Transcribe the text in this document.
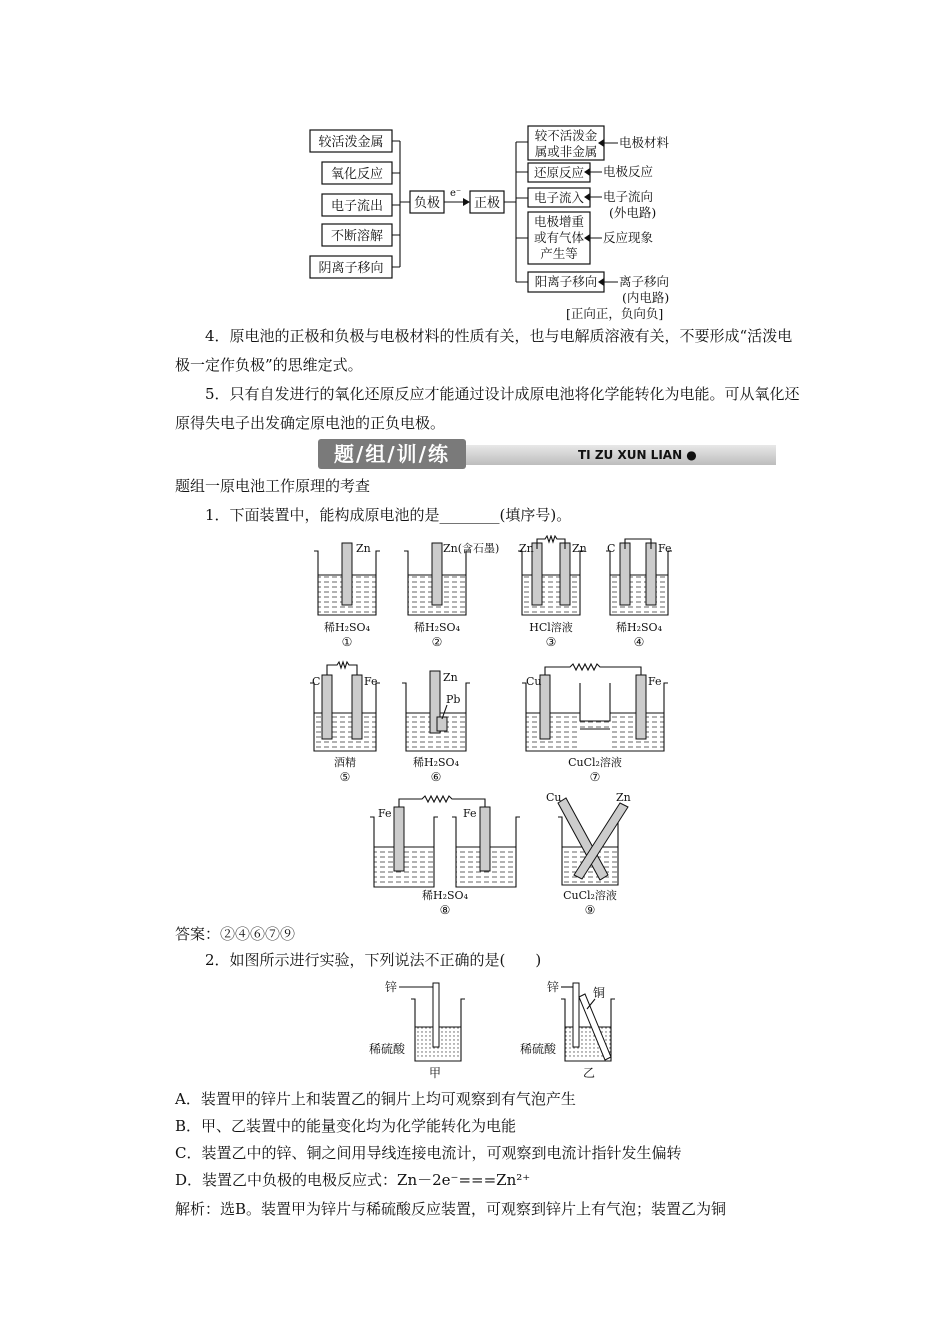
较活泼金属
氧化反应
电子流出
不断溶解
阴离子移向
负极
e⁻
正极
较不活泼金
属或非金属
还原反应
电子流入
电极增重
或有气体
产生等
阳离子移向
电极材料
电极反应
电子流向
(外电路)
反应现象
离子移向
(内电路)
[正向正，负向负]
4．原电池的正极和负极与电极材料的性质有关，也与电解质溶液有关，不要形成“活泼电极一定作负极”的思维定式。
5．只有自发进行的氧化还原反应才能通过设计成原电池将化学能转化为电能。可从氧化还原得失电子出发确定原电池的正负电极。
题/组/训/练	TI ZU XUN LIAN ●
题组一原电池工作原理的考查
1．下面装置中，能构成原电池的是________(填序号)。
Zn
稀H₂SO₄
①
Zn(含石墨)
稀H₂SO₄
②
Zn	Zn
HCl溶液
③
C	Fe
稀H₂SO₄
④
C	Fe
酒精
⑤
Zn
Pb
稀H₂SO₄
⑥
Cu	Fe
CuCl₂溶液
⑦
Fe	Fe
稀H₂SO₄
⑧
Cu	Zn
CuCl₂溶液
⑨
答案：②④⑥⑦⑨
2．如图所示进行实验，下列说法不正确的是(　　)
锌
稀硫酸
甲
锌	铜
稀硫酸
乙
A．装置甲的锌片上和装置乙的铜片上均可观察到有气泡产生
B．甲、乙装置中的能量变化均为化学能转化为电能
C．装置乙中的锌、铜之间用导线连接电流计，可观察到电流计指针发生偏转
D．装置乙中负极的电极反应式：Zn－2e⁻===Zn²⁺
解析：选B。装置甲为锌片与稀硫酸反应装置，可观察到锌片上有气泡；装置乙为铜
